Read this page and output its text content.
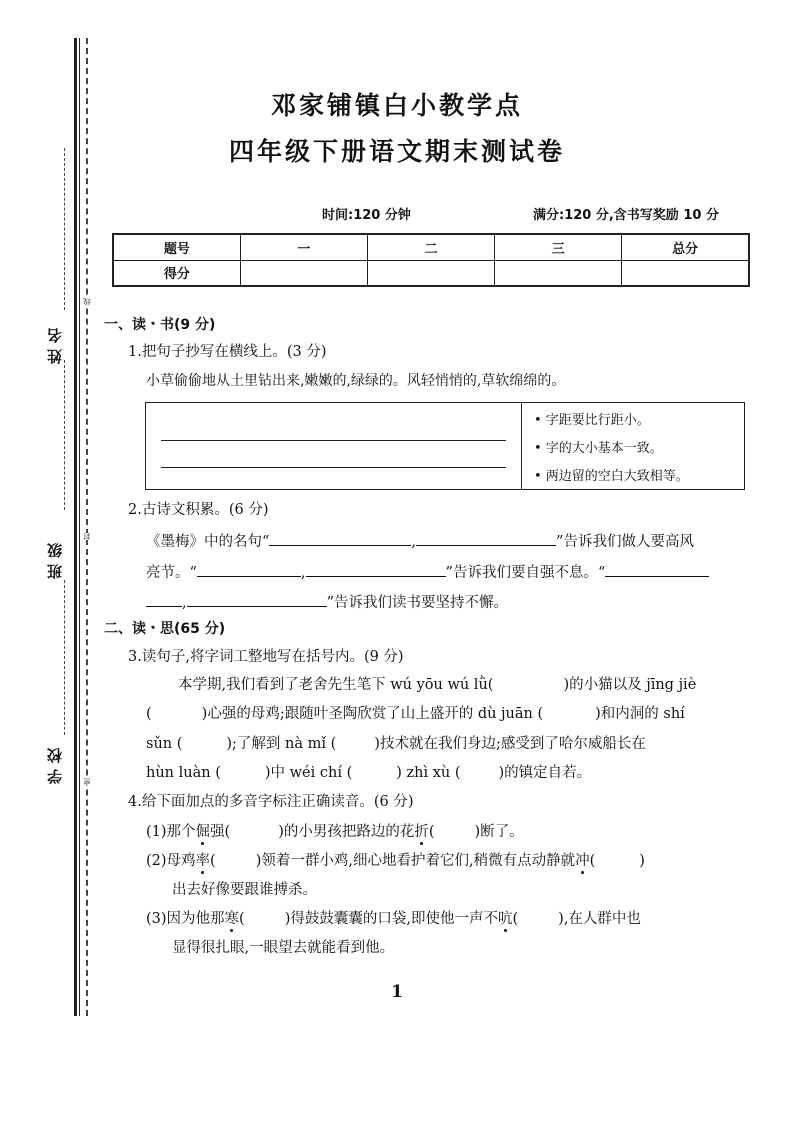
线
封
密
姓名
班级
学校
邓家铺镇白小教学点
四年级下册语文期末测试卷
时间:120 分钟	满分:120 分,含书写奖励 10 分
题号	一	二	三	总分
得分				
一、读・书(9 分)
1.把句子抄写在横线上。(3 分)
小草偷偷地从土里钻出来,嫩嫩的,绿绿的。风轻悄悄的,草软绵绵的。
• 字距要比行距小。
• 字的大小基本一致。
• 两边留的空白大致相等。
2.古诗文积累。(6 分)
《墨梅》中的名句“	,	”告诉我们做人要高风
亮节。“	,	”告诉我们要自强不息。“
,	”告诉我们读书要坚持不懈。
二、读・思(65 分)
3.读句子,将字词工整地写在括号内。(9 分)
本学期,我们看到了老舍先生笔下 wú yōu wú lǜ(	)的小猫以及 jīng jiè
(	)心强的母鸡;跟随叶圣陶欣赏了山上盛开的 dù juān (	)和内洞的 shí
sǔn (	);了解到 nà mǐ (	)技术就在我们身边;感受到了哈尔威船长在
hùn luàn (	)中 wéi chí (	) zhì xù (	)的镇定自若。
4.给下面加点的多音字标注正确读音。(6 分)
(1)那个倔强(	)的小男孩把路边的花折(	)断了。
(2)母鸡率(	)领着一群小鸡,细心地看护着它们,稍微有点动静就冲(	)
出去好像要跟谁搏杀。
(3)因为他那寒(	)得鼓鼓囊囊的口袋,即使他一声不吭(	),在人群中也
显得很扎眼,一眼望去就能看到他。
1
